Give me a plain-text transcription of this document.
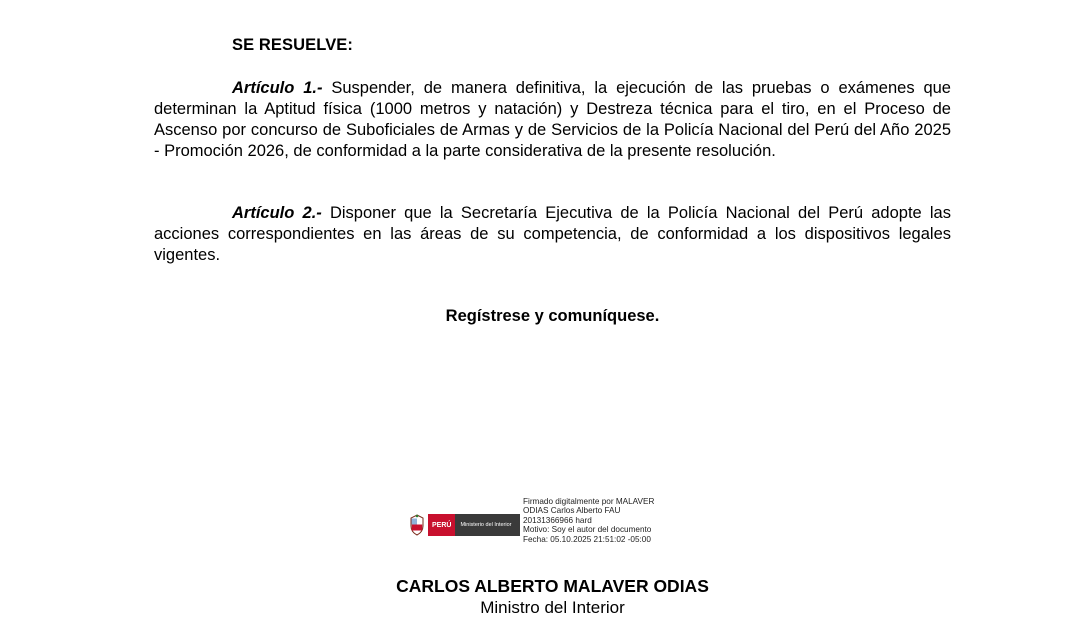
SE RESUELVE:

Artículo 1.- Suspender, de manera definitiva, la ejecución de las pruebas o exámenes que determinan la Aptitud física (1000 metros y natación) y Destreza técnica para el tiro, en el Proceso de Ascenso por concurso de Suboficiales de Armas y de Servicios de la Policía Nacional del Perú del Año 2025 - Promoción 2026, de conformidad a la parte considerativa de la presente resolución.

Artículo 2.- Disponer que la Secretaría Ejecutiva de la Policía Nacional del Perú adopte las acciones correspondientes en las áreas de su competencia, de conformidad a los dispositivos legales vigentes.

Regístrese y comuníquese.
PERÚ	Ministerio del Interior
Firmado digitalmente por MALAVER
ODIAS Carlos Alberto FAU
20131366966 hard
Motivo: Soy el autor del documento
Fecha: 05.10.2025 21:51:02 -05:00
CARLOS ALBERTO MALAVER ODIAS
Ministro del Interior
